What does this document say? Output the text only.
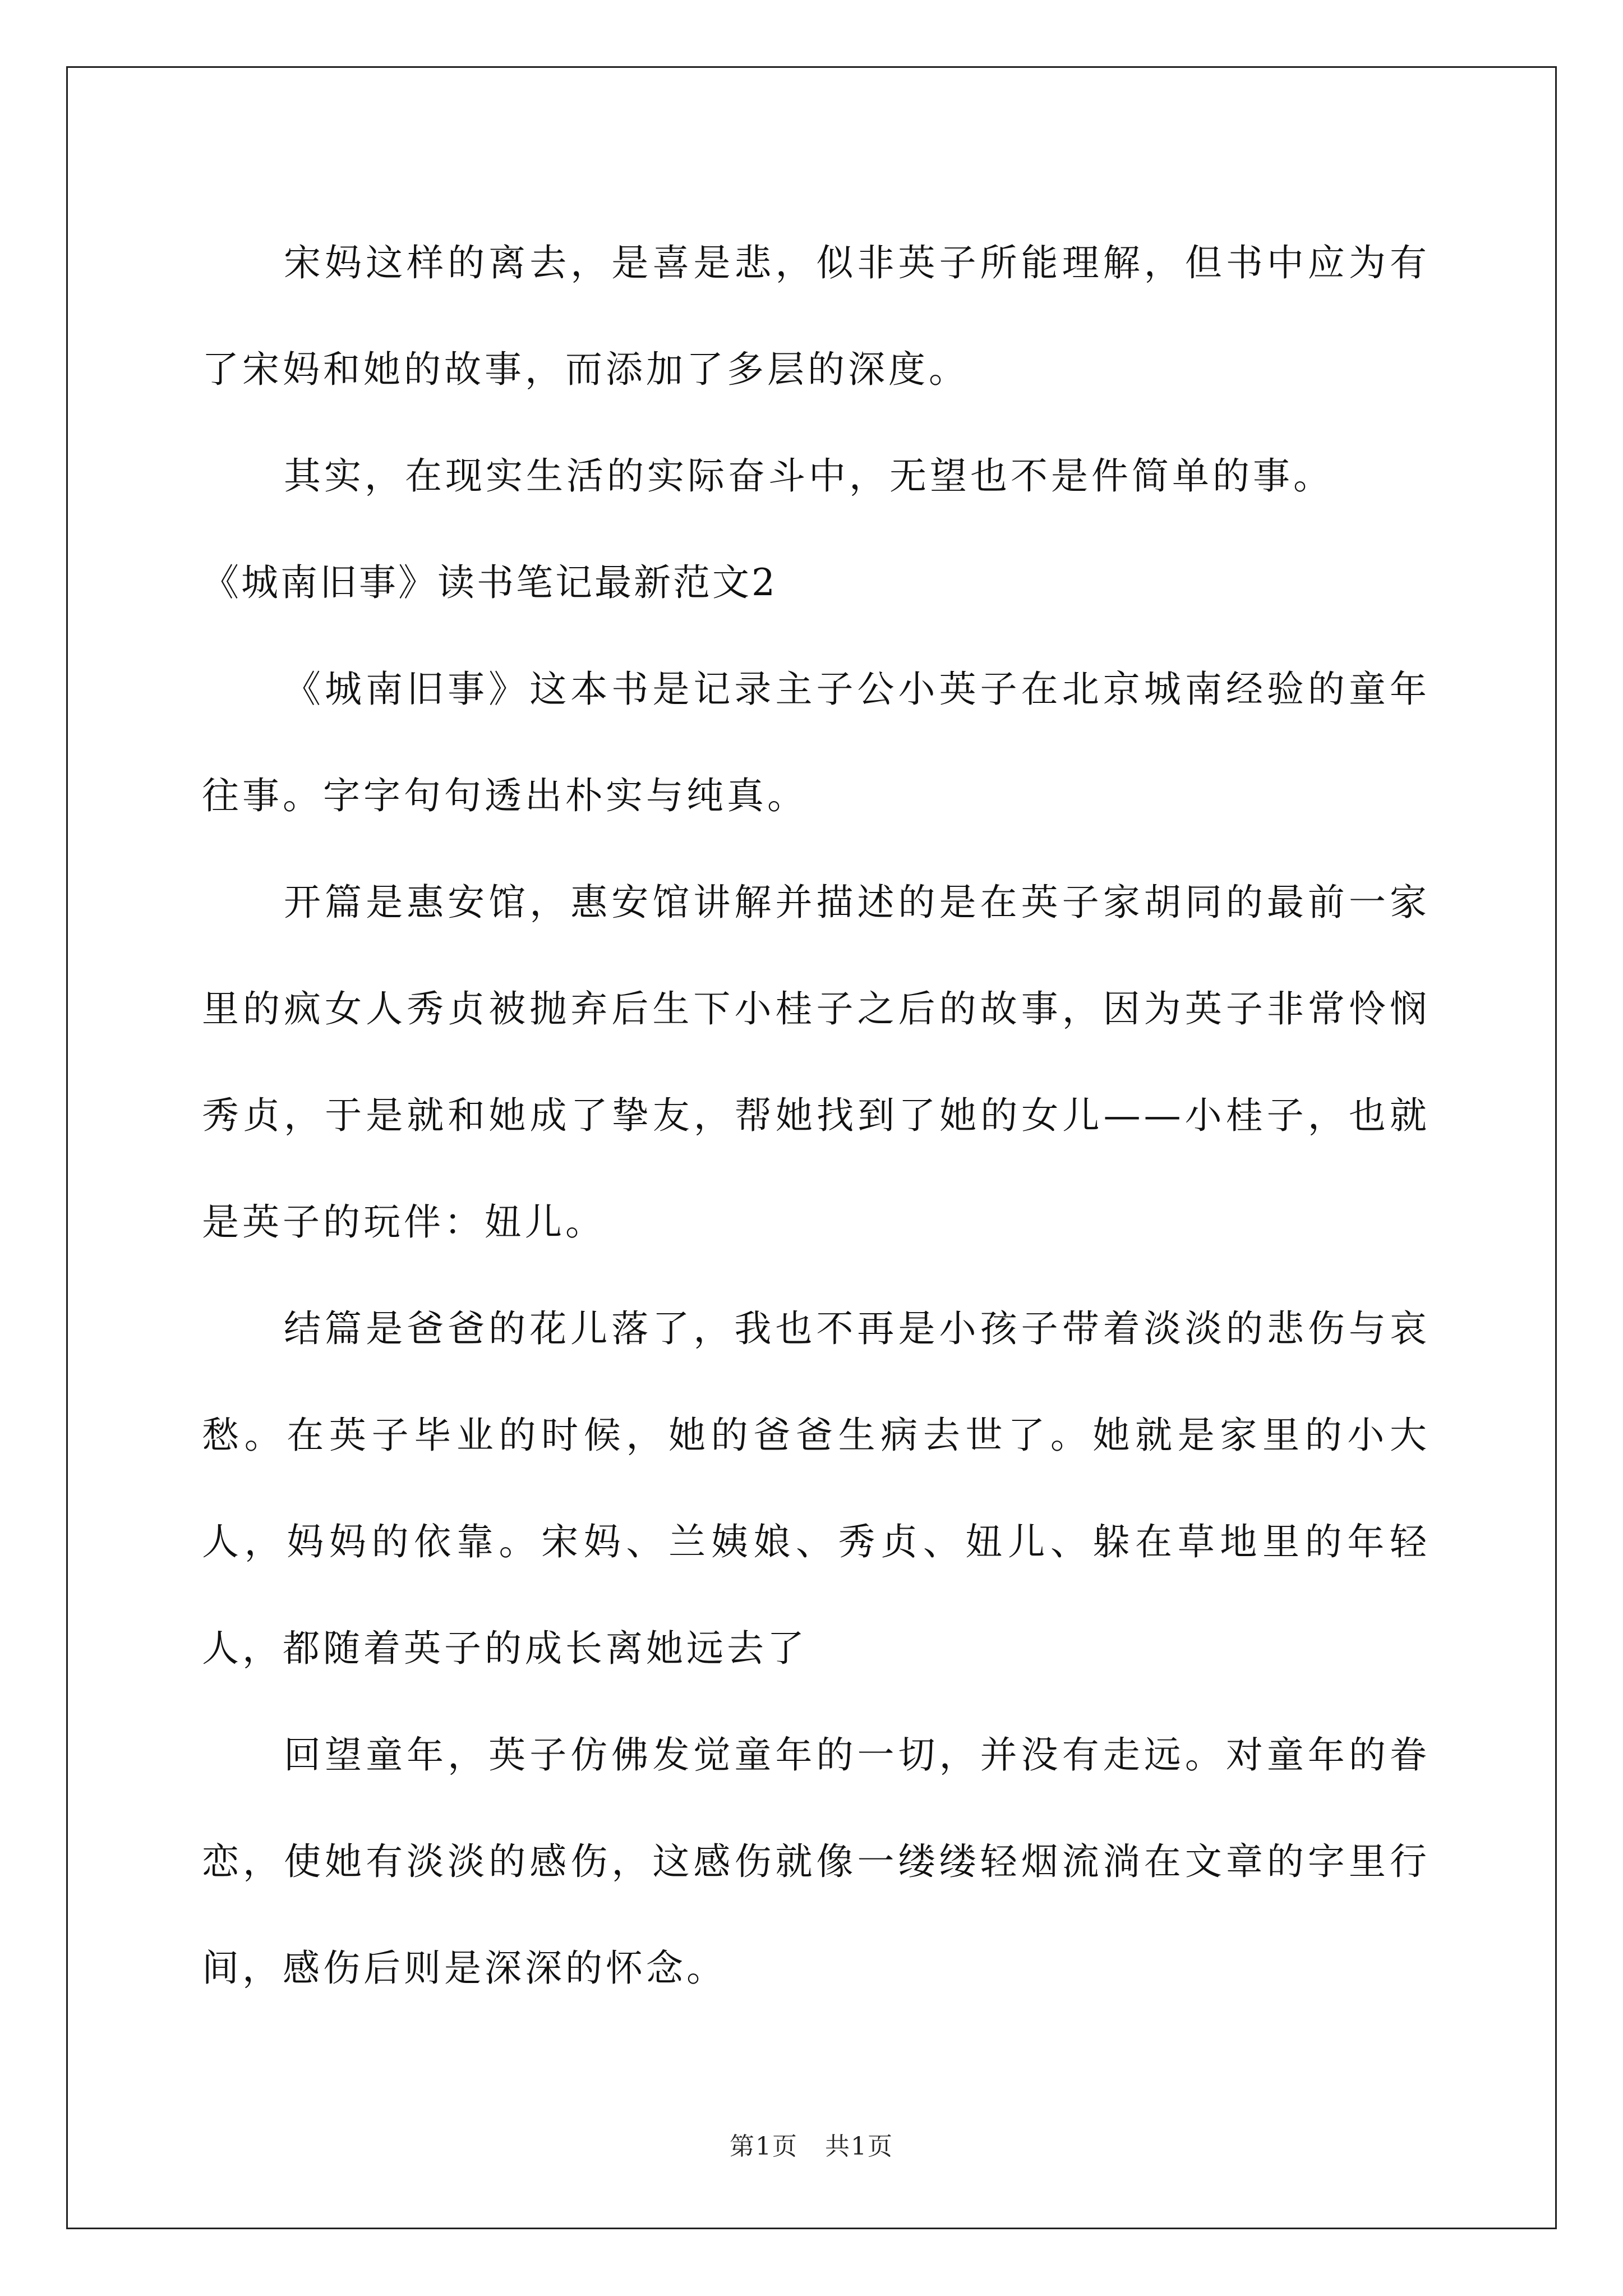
宋妈这样的离去，是喜是悲，似非英子所能理解，但书中应为有了宋妈和她的故事，而添加了多层的深度。

其实，在现实生活的实际奋斗中，无望也不是件简单的事。

《城南旧事》读书笔记最新范文2

《城南旧事》这本书是记录主子公小英子在北京城南经验的童年往事。字字句句透出朴实与纯真。

开篇是惠安馆，惠安馆讲解并描述的是在英子家胡同的最前一家里的疯女人秀贞被抛弃后生下小桂子之后的故事，因为英子非常怜悯秀贞，于是就和她成了挚友，帮她找到了她的女儿——小桂子，也就是英子的玩伴：妞儿。

结篇是爸爸的花儿落了，我也不再是小孩子带着淡淡的悲伤与哀愁。在英子毕业的时候，她的爸爸生病去世了。她就是家里的小大人，妈妈的依靠。宋妈、兰姨娘、秀贞、妞儿、躲在草地里的年轻人，都随着英子的成长离她远去了

回望童年，英子仿佛发觉童年的一切，并没有走远。对童年的眷恋，使她有淡淡的感伤，这感伤就像一缕缕轻烟流淌在文章的字里行间，感伤后则是深深的怀念。

第1页 共1页
